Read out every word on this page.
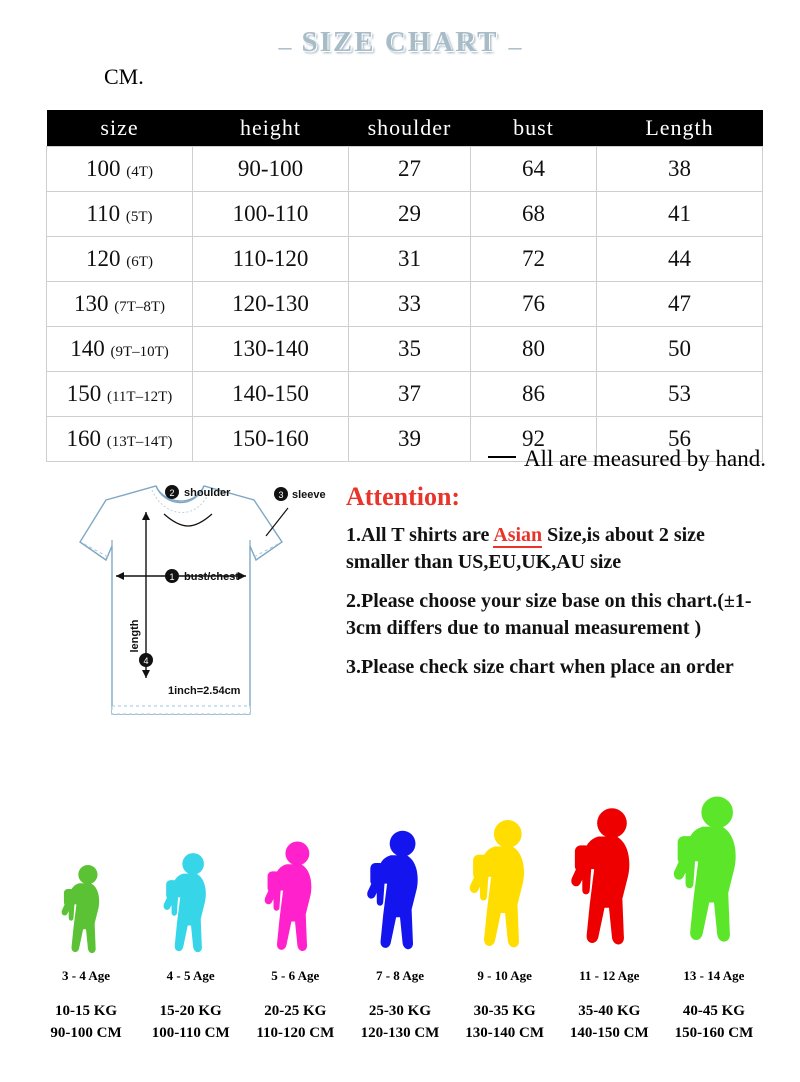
– SIZE CHART –
CM.
size	height	shoulder	bust	Length
100 (4T)	90-100	27	64	38
110 (5T)	100-110	29	68	41
120 (6T)	110-120	31	72	44
130 (7T–8T)	120-130	33	76	47
140 (9T–10T)	130-140	35	80	50
150 (11T–12T)	140-150	37	86	53
160 (13T–14T)	150-160	39	92	56
All are measured by hand.
2 shoulder	3 sleeve
1 bust/chest
4
length
1inch=2.54cm
Attention:
1.All T shirts are Asian Size,is about 2 size smaller than US,EU,UK,AU size
2.Please choose your size base on this chart.(±1-3cm differs due to manual measurement )
3.Please check size chart when place an order
3 - 4 Age	4 - 5 Age	5 - 6 Age	7 - 8 Age	9 - 10 Age	11 - 12 Age	13 - 14 Age
10-15 KG	15-20 KG	20-25 KG	25-30 KG	30-35 KG	35-40 KG	40-45 KG
90-100 CM	100-110 CM	110-120 CM	120-130 CM	130-140 CM	140-150 CM	150-160 CM
